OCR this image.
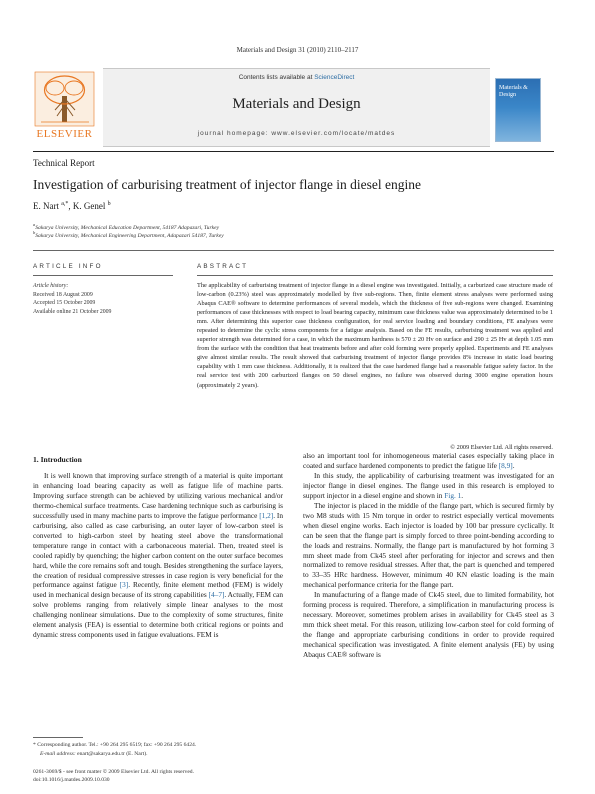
Materials and Design 31 (2010) 2110–2117
ELSEVIER
Contents lists available at ScienceDirect
Materials and Design
journal homepage: www.elsevier.com/locate/matdes
Materials & Design
Technical Report
Investigation of carburising treatment of injector flange in diesel engine
E. Nart $^{a,*}$, K. Genel $^b$
$^a$Sakarya University, Mechanical Education Department, 54187 Adapazari, Turkey
$^b$Sakarya University, Mechanical Engineering Department, Adapazari 54187, Turkey
ARTICLE INFO	ABSTRACT
Article history:
Received 18 August 2009
Accepted 15 October 2009
Available online 21 October 2009
The applicability of carburising treatment of injector flange in a diesel engine was investigated. Initially, a carburized case structure made of low-carbon (0.23%) steel was approximately modelled by five sub-regions. Then, finite element stress analyses were performed using Abaqus CAE® software to determine performances of several models, which the thickness of five sub-regions were changed. Examining performances of case thicknesses with respect to load bearing capacity, minimum case thickness value was approximately determined to be 1 mm. After determining this superior case thickness configuration, for real service loading and boundary conditions, FE analyses were repeated to determine the cyclic stress components for a fatigue analysis. Based on the FE results, carburising treatment was applied and superior strength was determined for a case, in which the maximum hardness is 570 ± 20 Hv on surface and 290 ± 25 Hv at depth 1.05 mm from the surface with the condition that heat treatments before and after cold forming were properly applied. Experiments and FE analyses give almost similar results. The result showed that carburising treatment of injector flange provides 8% increase in static load bearing capability with 1 mm case thickness. Additionally, it is realized that the case hardened flange had a reasonable fatigue safety factor. In the real service test with 200 carburized flanges on 50 diesel engines, no failure was observed during 3000 engine operation hours (approximately 2 years).
© 2009 Elsevier Ltd. All rights reserved.
1. Introduction

It is well known that improving surface strength of a material is quite important in enhancing load bearing capacity as well as fatigue life of machine parts. Improving surface strength can be achieved by utilizing various mechanical and/or thermo-chemical surface treatments. Case hardening technique such as carburising is successfully used in many machine parts to improve the fatigue performance [1,2]. In carburising, also called as case carburising, an outer layer of low-carbon steel is converted to high-carbon steel by heating steel above the transformational temperature range in contact with a carbonaceous material. Then, treated steel is cooled rapidly by quenching; the higher carbon content on the outer surface becomes hard, while the core remains soft and tough. Besides strengthening the surface layers, the creation of residual compressive stresses in case region is very beneficial for the performance against fatigue [3]. Recently, finite element method (FEM) is widely used in mechanical design because of its strong capabilities [4–7]. Actually, FEM can solve problems ranging from relatively simple linear analyses to the most challenging nonlinear simulations. Due to the complexity of some structures, finite element analysis (FEA) is essential to determine both critical regions or points and dynamic stress components used in fatigue evaluations. FEM is

also an important tool for inhomogeneous material cases especially taking place in coated and surface hardened components to predict the fatigue life [8,9].

In this study, the applicability of carburising treatment was investigated for an injector flange in diesel engines. The flange used in this research is employed to support injector in a diesel engine and shown in Fig. 1.

The injector is placed in the middle of the flange part, which is secured firmly by two M8 studs with 15 Nm torque in order to restrict especially vertical movements when diesel engine works. Each injector is loaded by 100 bar pressure cyclically. It can be seen that the flange part is simply forced to three point-bending according to the loads and restrains. Normally, the flange part is manufactured by hot forming 3 mm sheet made from Ck45 steel after perforating for injector and screws and then normalized to remove residual stresses. After that, the part is quenched and tempered to 33–35 HRc hardness. However, minimum 40 KN elastic loading is the main mechanical performance criteria for the flange part.

In manufacturing of a flange made of Ck45 steel, due to limited formability, hot forming process is required. Therefore, a simplification in manufacturing process is necessary. Moreover, sometimes problem arises in availability for Ck45 steel as 3 mm thick sheet metal. For this reason, utilizing low-carbon steel for cold forming of the flange and appropriate carburising conditions in order to provide required mechanical specification was investigated. A finite element analysis (FE) by using Abaqus CAE® software is

* Corresponding author. Tel.: +90 264 295 6519; fax: +90 264 295 6424.
E-mail address: enart@sakarya.edu.tr (E. Nart).
0261-3069/$ - see front matter © 2009 Elsevier Ltd. All rights reserved.
doi:10.1016/j.matdes.2009.10.030
